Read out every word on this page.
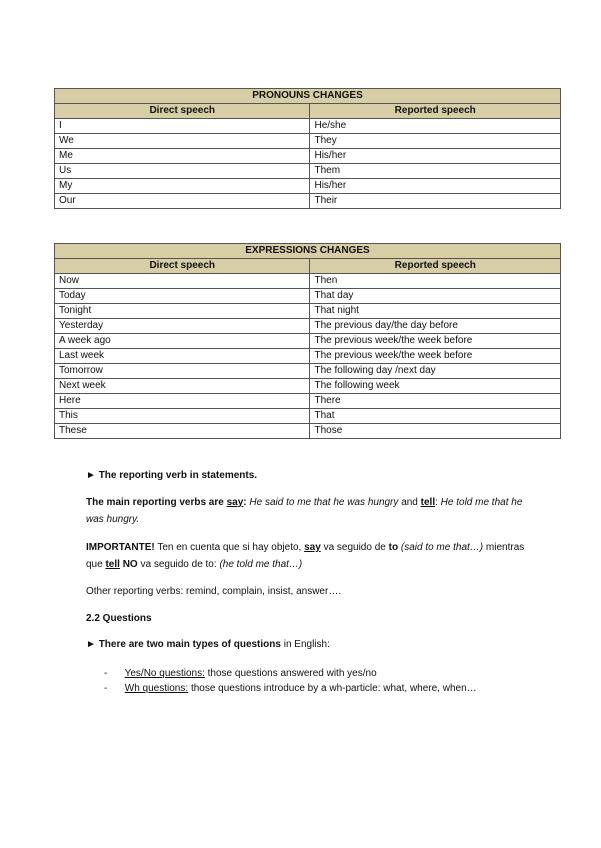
PRONOUNS CHANGES	
Direct speech	Reported speech
I	He/she
We	They
Me	His/her
Us	Them
My	His/her
Our	Their
EXPRESSIONS CHANGES	
Direct speech	Reported speech
Now	Then
Today	That day
Tonight	That night
Yesterday	The previous day/the day before
A week ago	The previous week/the week before
Last week	The previous week/the week before
Tomorrow	The following day /next day
Next week	The following week
Here	There
This	That
These	Those
► The reporting verb in statements.
The main reporting verbs are say: He said to me that he was hungry and tell: He told me that he was hungry.
IMPORTANTE! Ten en cuenta que si hay objeto, say va seguido de to (said to me that…) mientras que tell NO va seguido de to: (he told me that…)
Other reporting verbs: remind, complain, insist, answer….
2.2 Questions
► There are two main types of questions in English:
- Yes/No questions: those questions answered with yes/no
- Wh questions: those questions introduce by a wh-particle: what, where, when…
